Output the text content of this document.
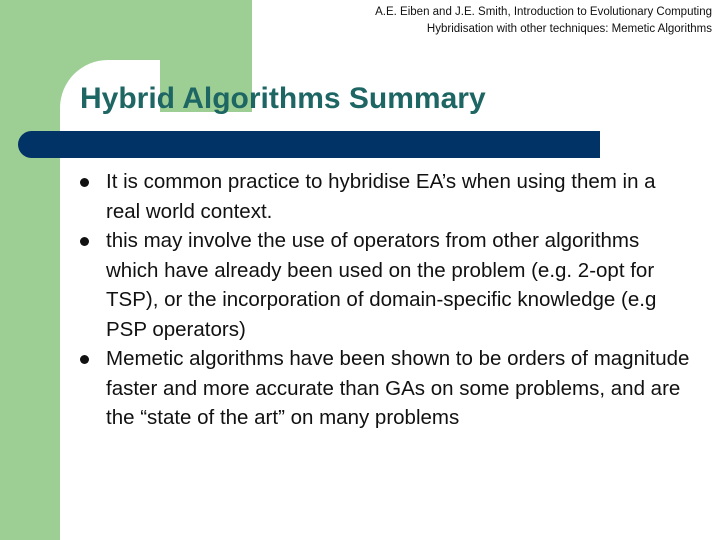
A.E. Eiben and J.E. Smith, Introduction to Evolutionary Computing
Hybridisation with other techniques: Memetic Algorithms
Hybrid Algorithms Summary
It is common practice to hybridise EA’s when using them in a real world context.
this may involve the use of operators from other algorithms which have already been used on the problem (e.g. 2-opt for TSP), or the incorporation of domain-specific knowledge (e.g PSP operators)
Memetic algorithms have been shown to be orders of magnitude faster and more accurate than GAs on some problems, and are the “state of the art” on many problems
